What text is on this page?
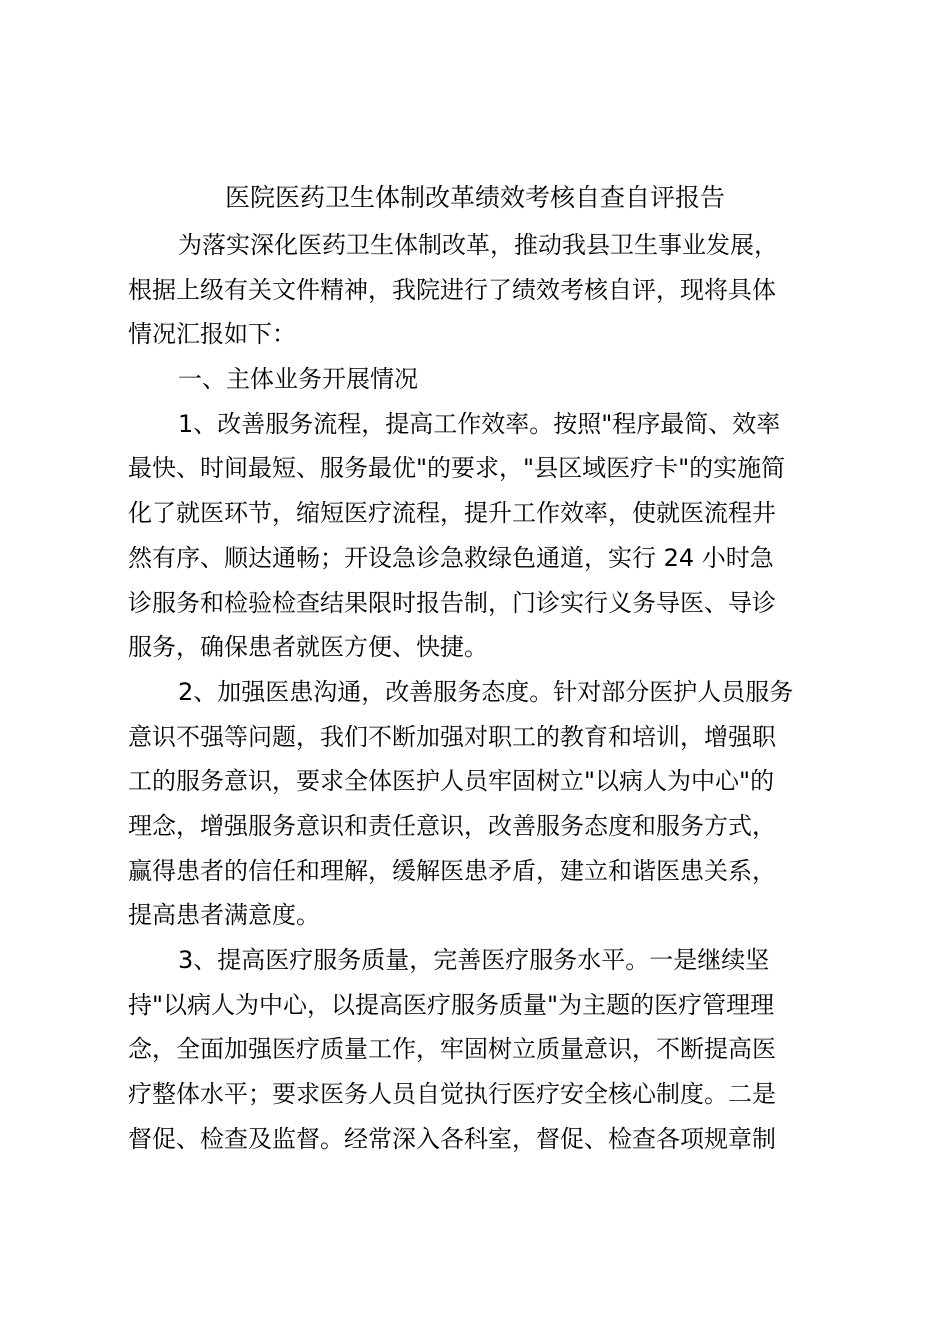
医院医药卫生体制改革绩效考核自查自评报告
为落实深化医药卫生体制改革，推动我县卫生事业发展，
根据上级有关文件精神，我院进行了绩效考核自评，现将具体
情况汇报如下：
一、主体业务开展情况
1、改善服务流程，提高工作效率。按照"程序最简、效率
最快、时间最短、服务最优"的要求，"县区域医疗卡"的实施简
化了就医环节，缩短医疗流程，提升工作效率，使就医流程井
然有序、顺达通畅；开设急诊急救绿色通道，实行 24 小时急
诊服务和检验检查结果限时报告制，门诊实行义务导医、导诊
服务，确保患者就医方便、快捷。
2、加强医患沟通，改善服务态度。针对部分医护人员服务
意识不强等问题，我们不断加强对职工的教育和培训，增强职
工的服务意识，要求全体医护人员牢固树立"以病人为中心"的
理念，增强服务意识和责任意识，改善服务态度和服务方式，
赢得患者的信任和理解，缓解医患矛盾，建立和谐医患关系，
提高患者满意度。
3、提高医疗服务质量，完善医疗服务水平。一是继续坚
持"以病人为中心，以提高医疗服务质量"为主题的医疗管理理
念，全面加强医疗质量工作，牢固树立质量意识，不断提高医
疗整体水平；要求医务人员自觉执行医疗安全核心制度。二是
督促、检查及监督。经常深入各科室，督促、检查各项规章制
